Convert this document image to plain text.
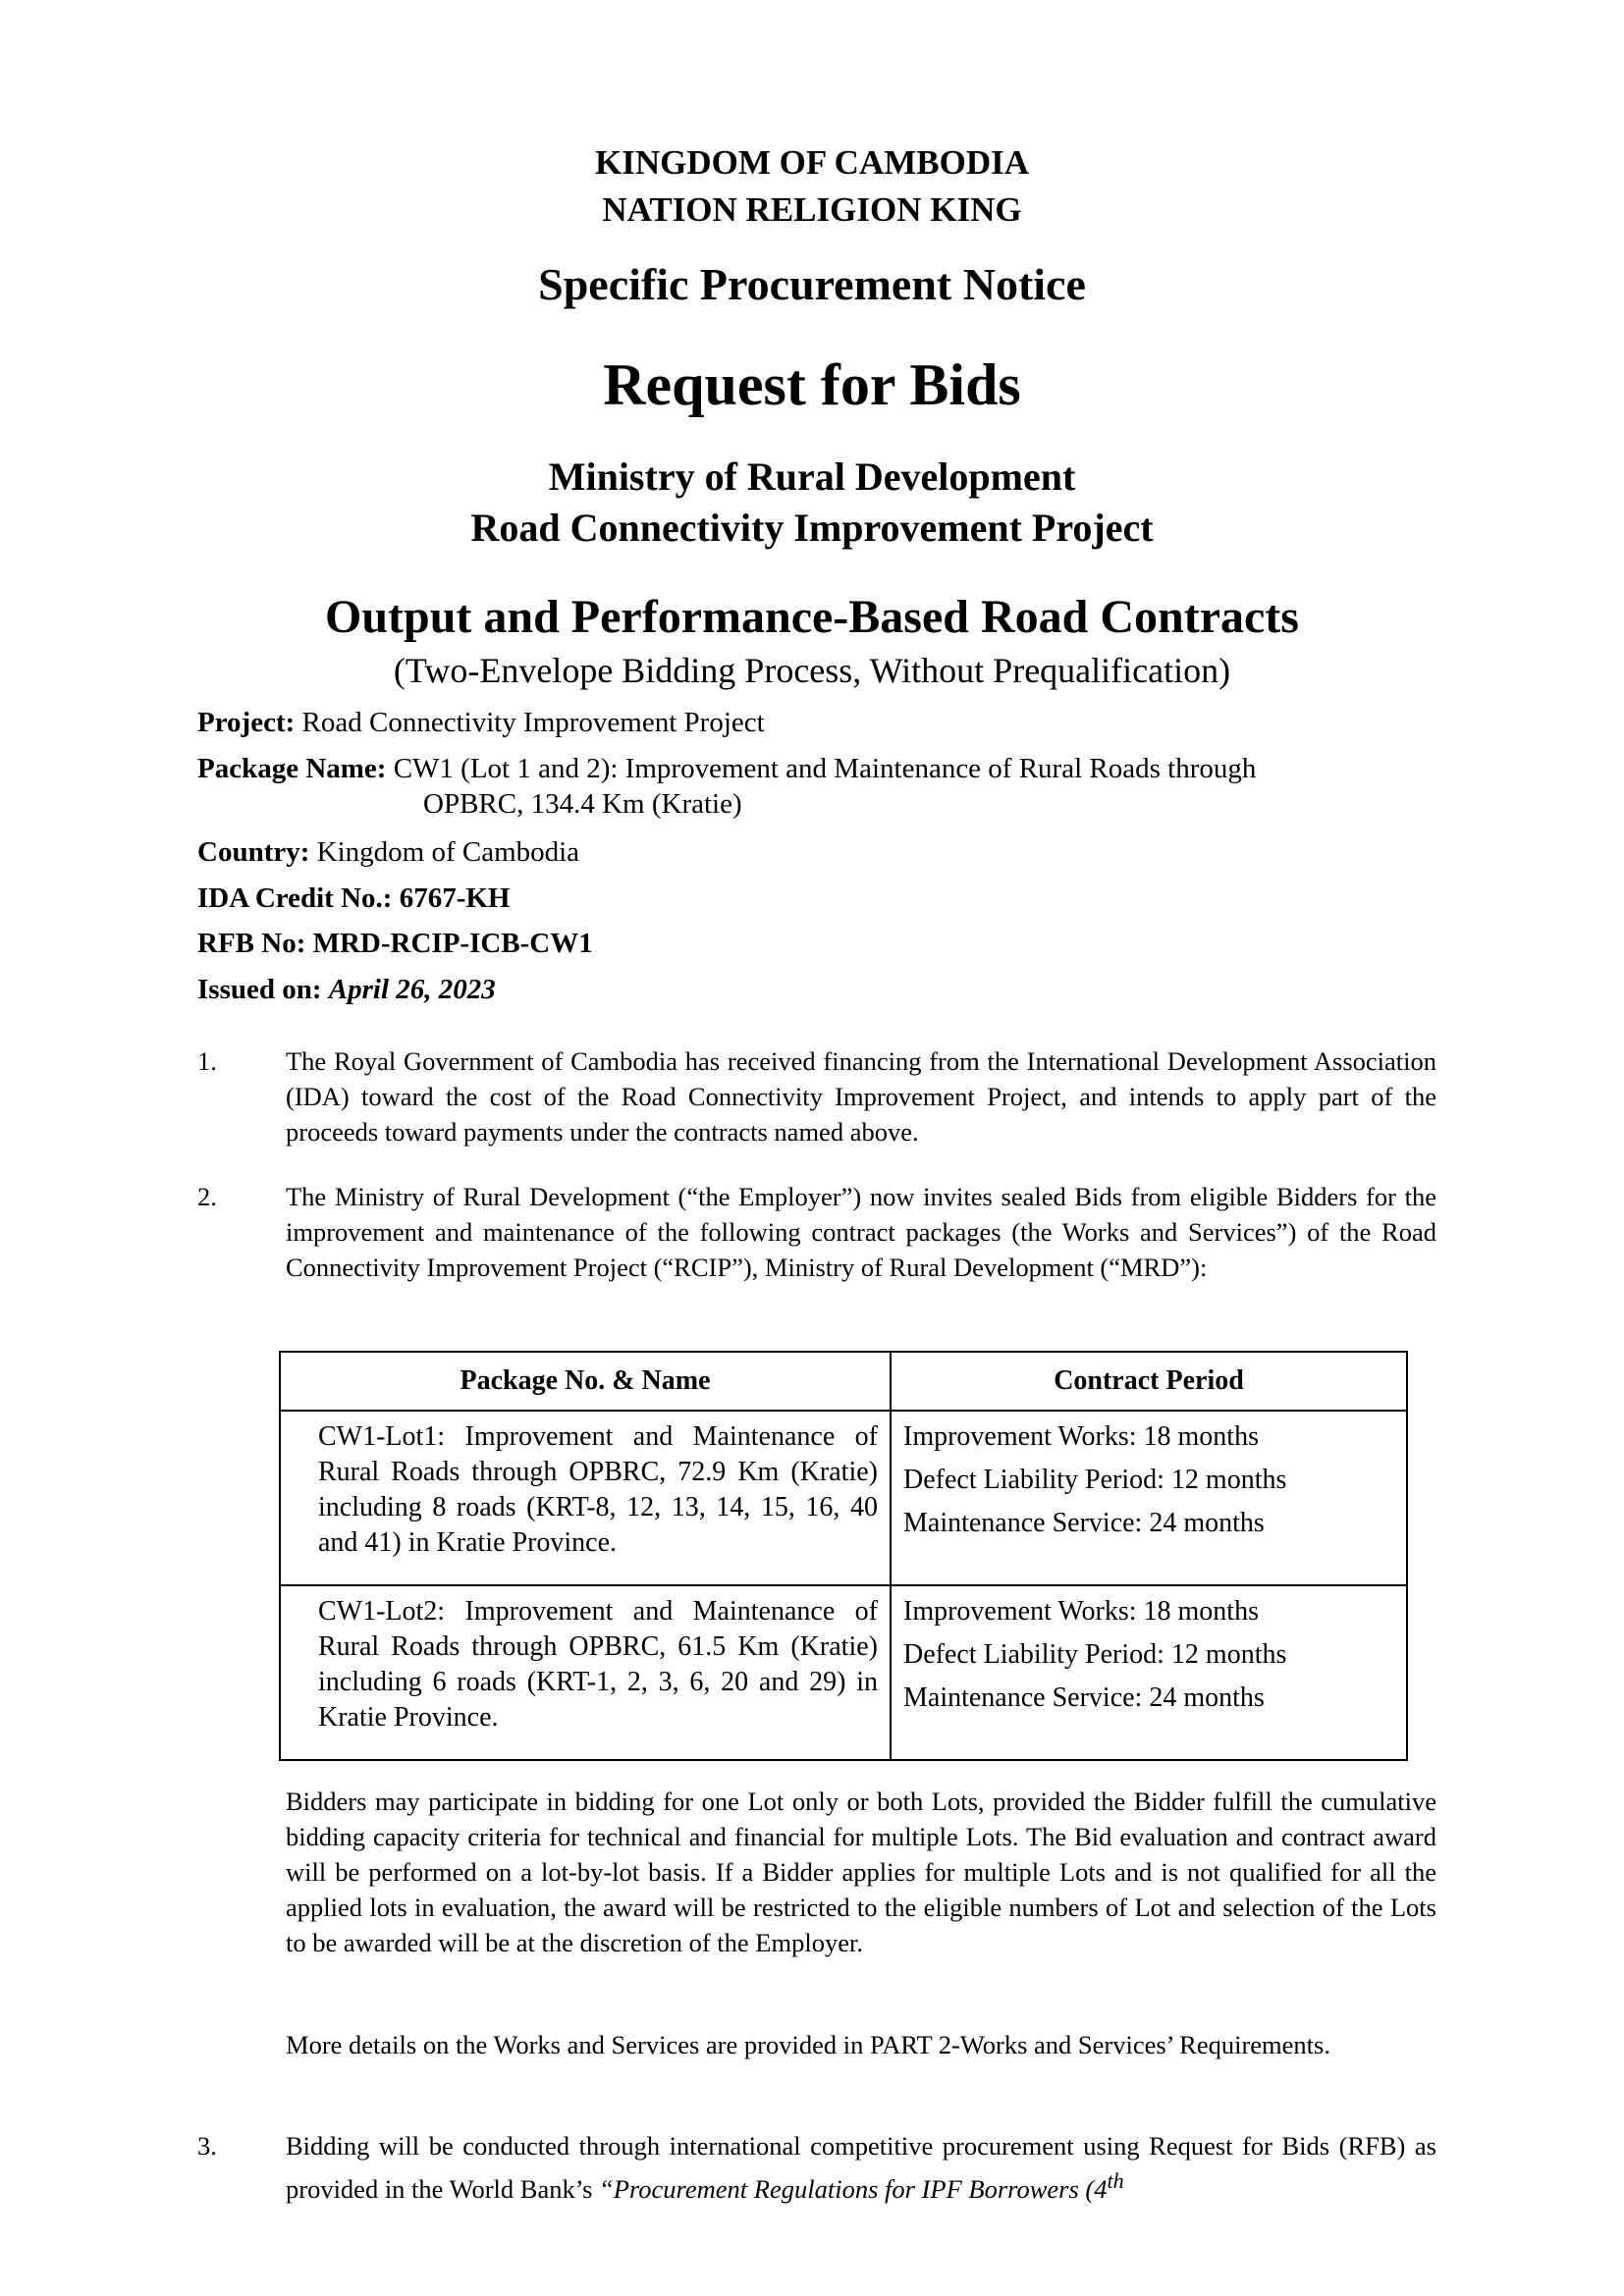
KINGDOM OF CAMBODIA
NATION RELIGION KING
Specific Procurement Notice
Request for Bids
Ministry of Rural Development
Road Connectivity Improvement Project
Output and Performance-Based Road Contracts
(Two-Envelope Bidding Process, Without Prequalification)
Project: Road Connectivity Improvement Project
Package Name: CW1 (Lot 1 and 2): Improvement and Maintenance of Rural Roads through
OPBRC, 134.4 Km (Kratie)
Country: Kingdom of Cambodia
IDA Credit No.: 6767-KH
RFB No: MRD-RCIP-ICB-CW1
Issued on: April 26, 2023
1.	The Royal Government of Cambodia has received financing from the International Development Association (IDA) toward the cost of the Road Connectivity Improvement Project, and intends to apply part of the proceeds toward payments under the contracts named above.
2.	The Ministry of Rural Development (“the Employer”) now invites sealed Bids from eligible Bidders for the improvement and maintenance of the following contract packages (the Works and Services”) of the Road Connectivity Improvement Project (“RCIP”), Ministry of Rural Development (“MRD”):
Package No. & Name	Contract Period
CW1-Lot1: Improvement and Maintenance of Rural Roads through OPBRC, 72.9 Km (Kratie) including 8 roads (KRT-8, 12, 13, 14, 15, 16, 40 and 41) in Kratie Province.	Improvement Works: 18 months
Defect Liability Period: 12 months
Maintenance Service: 24 months

CW1-Lot2: Improvement and Maintenance of Rural Roads through OPBRC, 61.5 Km (Kratie) including 6 roads (KRT-1, 2, 3, 6, 20 and 29) in Kratie Province.	Improvement Works: 18 months
Defect Liability Period: 12 months
Maintenance Service: 24 months
Bidders may participate in bidding for one Lot only or both Lots, provided the Bidder fulfill the cumulative bidding capacity criteria for technical and financial for multiple Lots. The Bid evaluation and contract award will be performed on a lot-by-lot basis. If a Bidder applies for multiple Lots and is not qualified for all the applied lots in evaluation, the award will be restricted to the eligible numbers of Lot and selection of the Lots to be awarded will be at the discretion of the Employer.
More details on the Works and Services are provided in PART 2-Works and Services’ Requirements.
3.	Bidding will be conducted through international competitive procurement using Request for Bids (RFB) as provided in the World Bank’s “Procurement Regulations for IPF Borrowers (4th
